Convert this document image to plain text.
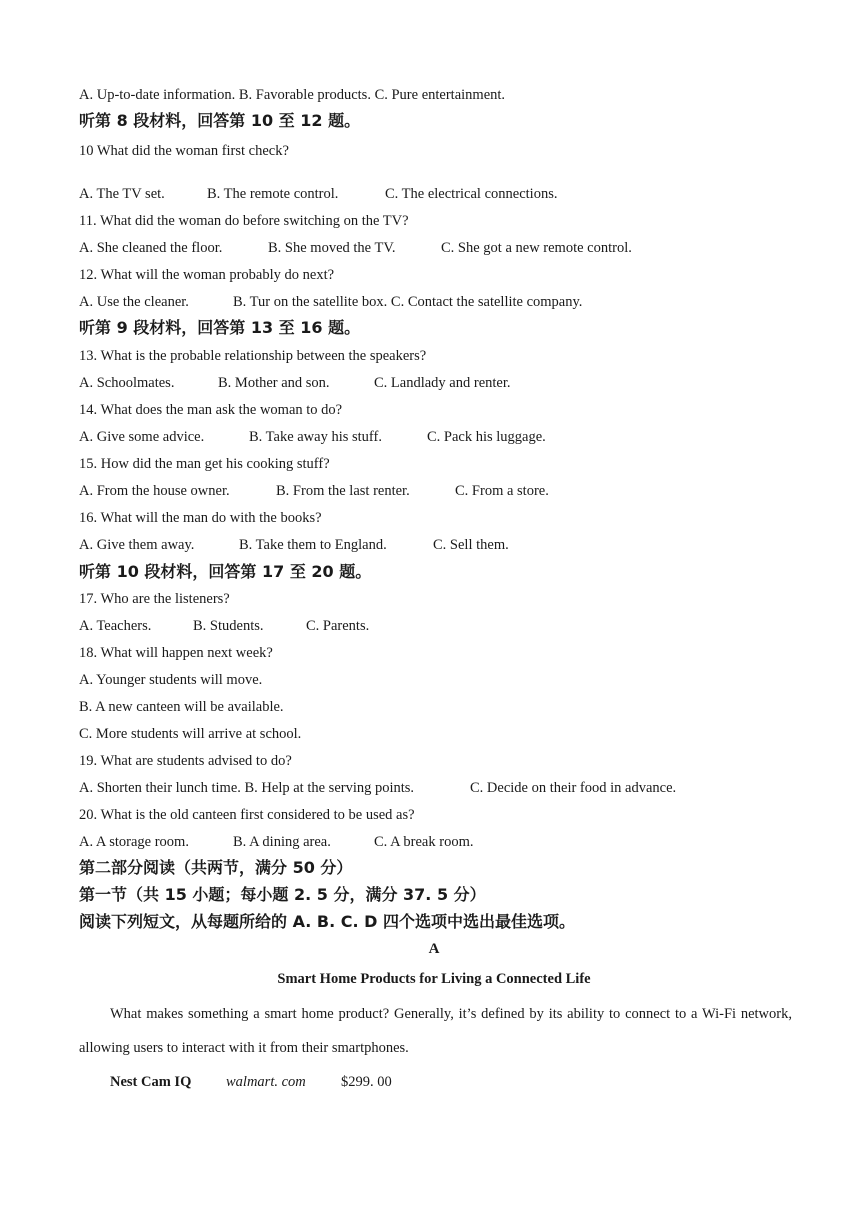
A. Up-to-date information. B. Favorable products. C. Pure entertainment.
听第 8 段材料，回答第 10 至 12 题。
10 What did the woman first check?
A. The TV set.	B. The remote control.	C. The electrical connections.
11. What did the woman do before switching on the TV?
A. She cleaned the floor.	B. She moved the TV.	C. She got a new remote control.
12. What will the woman probably do next?
A. Use the cleaner.	B. Tur on the satellite box. C. Contact the satellite company.
听第 9 段材料，回答第 13 至 16 题。
13. What is the probable relationship between the speakers?
A. Schoolmates.	B. Mother and son.	C. Landlady and renter.
14. What does the man ask the woman to do?
A. Give some advice.	B. Take away his stuff.	C. Pack his luggage.
15. How did the man get his cooking stuff?
A. From the house owner.	B. From the last renter.	C. From a store.
16. What will the man do with the books?
A. Give them away.	B. Take them to England.	C. Sell them.
听第 10 段材料，回答第 17 至 20 题。
17. Who are the listeners?
A. Teachers.	B. Students.	C. Parents.
18. What will happen next week?
A. Younger students will move.
B. A new canteen will be available.
C. More students will arrive at school.
19. What are students advised to do?
A. Shorten their lunch time. B. Help at the serving points.	C. Decide on their food in advance.
20. What is the old canteen first considered to be used as?
A. A storage room.	B. A dining area.	C. A break room.
第二部分阅读（共两节，满分 50 分）
第一节（共 15 小题；每小题 2. 5 分，满分 37. 5 分）
阅读下列短文，从每题所给的 A. B. C. D 四个选项中选出最佳选项。
A
Smart Home Products for Living a Connected Life
What makes something a smart home product? Generally, it’s defined by its ability to connect to a Wi-Fi network, allowing users to interact with it from their smartphones.
Nest Cam IQ walmart. com $299. 00
